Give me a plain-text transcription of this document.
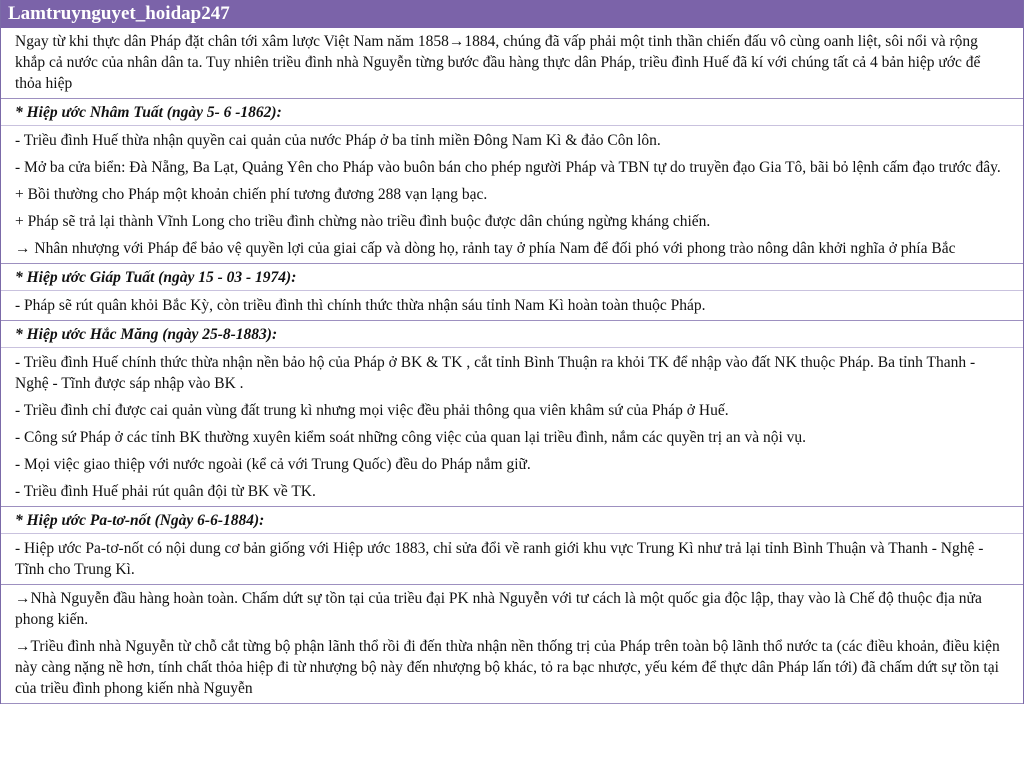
Lamtruynguyet_hoidap247
Ngay từ khi thực dân Pháp đặt chân tới xâm lược Việt Nam năm 1858→1884, chúng đã vấp phải một tinh thần chiến đấu vô cùng oanh liệt, sôi nổi và rộng khắp cả nước của nhân dân ta. Tuy nhiên triều đình nhà Nguyễn từng bước đầu hàng thực dân Pháp, triều đình Huế đã kí với chúng tất cả 4 bản hiệp ước để thỏa hiệp
* Hiệp ước Nhâm Tuất (ngày 5- 6 -1862):
- Triều đình Huế thừa nhận quyền cai quản của nước Pháp ở ba tỉnh miền Đông Nam Kì & đảo Côn lôn.
- Mở ba cửa biển: Đà Nẵng, Ba Lạt, Quảng Yên cho Pháp vào buôn bán cho phép người Pháp và TBN tự do truyền đạo Gia Tô, bãi bỏ lệnh cấm đạo trước đây.
+ Bồi thường cho Pháp một khoản chiến phí tương đương 288 vạn lạng bạc.
+ Pháp sẽ trả lại thành Vĩnh Long cho triều đình chừng nào triều đình buộc được dân chúng ngừng kháng chiến.
→ Nhân nhượng với Pháp để bảo vệ quyền lợi của giai cấp và dòng họ, rảnh tay ở phía Nam để đối phó với phong trào nông dân khởi nghĩa ở phía Bắc
* Hiệp ước Giáp Tuất (ngày 15 - 03 - 1974):
- Pháp sẽ rút quân khỏi Bắc Kỳ, còn triều đình thì chính thức thừa nhận sáu tỉnh Nam Kì hoàn toàn thuộc Pháp.
* Hiệp ước Hắc Măng (ngày 25-8-1883):
- Triều đình Huế chính thức thừa nhận nền bảo hộ của Pháp ở BK & TK , cắt tỉnh Bình Thuận ra khỏi TK để nhập vào đất NK thuộc Pháp. Ba tỉnh Thanh - Nghệ - Tĩnh được sáp nhập vào BK .
- Triều đình chỉ được cai quản vùng đất trung kì nhưng mọi việc đều phải thông qua viên khâm sứ của Pháp ở Huế.
- Công sứ Pháp ở các tỉnh BK thường xuyên kiểm soát những công việc của quan lại triều đình, nắm các quyền trị an và nội vụ.
- Mọi việc giao thiệp với nước ngoài (kể cả với Trung Quốc) đều do Pháp nắm giữ.
- Triều đình Huế phải rút quân đội từ BK về TK.
* Hiệp ước Pa-tơ-nốt (Ngày 6-6-1884):
- Hiệp ước Pa-tơ-nốt có nội dung cơ bản giống với Hiệp ước 1883, chỉ sửa đổi về ranh giới khu vực Trung Kì như trả lại tỉnh Bình Thuận và Thanh - Nghệ - Tĩnh cho Trung Kì.
→Nhà Nguyễn đầu hàng hoàn toàn. Chấm dứt sự tồn tại của triều đại PK nhà Nguyễn với tư cách là một quốc gia độc lập, thay vào là Chế độ thuộc địa nửa phong kiến.
→Triều đình nhà Nguyễn từ chỗ cắt từng bộ phận lãnh thổ rồi đi đến thừa nhận nền thống trị của Pháp trên toàn bộ lãnh thổ nước ta (các điều khoản, điều kiện này càng nặng nề hơn, tính chất thỏa hiệp đi từ nhượng bộ này đến nhượng bộ khác, tỏ ra bạc nhược, yếu kém để thực dân Pháp lấn tới) đã chấm dứt sự tồn tại của triều đình phong kiến nhà Nguyễn
